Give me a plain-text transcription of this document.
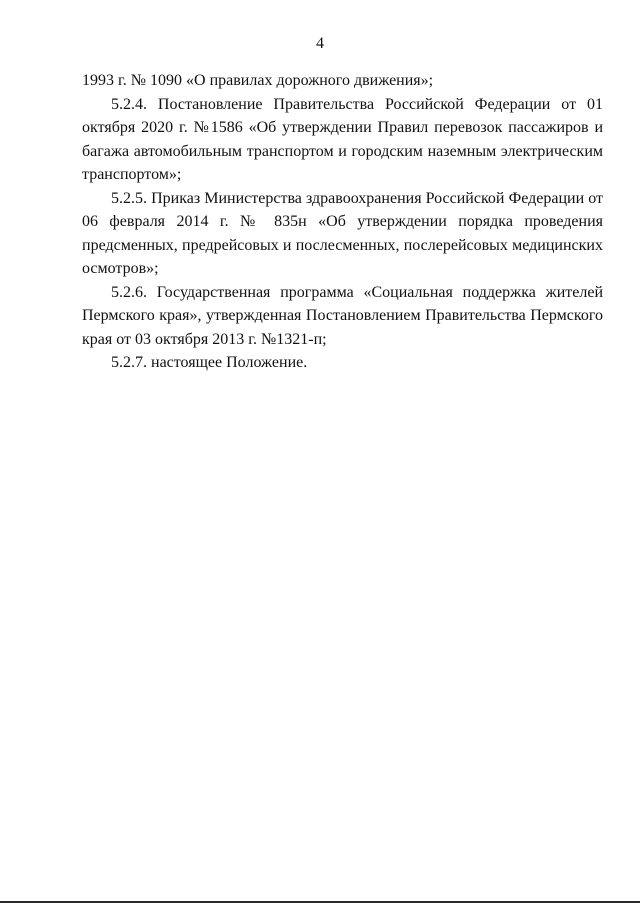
4

1993 г. № 1090 «О правилах дорожного движения»;

5.2.4. Постановление Правительства Российской Федерации от 01 октября 2020 г. №1586 «Об утверждении Правил перевозок пассажиров и багажа автомобильным транспортом и городским наземным электрическим транспортом»;

5.2.5. Приказ Министерства здравоохранения Российской Федерации от 06 февраля 2014 г. № 835н «Об утверждении порядка проведения предсменных, предрейсовых и послесменных, послерейсовых медицинских осмотров»;

5.2.6. Государственная программа «Социальная поддержка жителей Пермского края», утвержденная Постановлением Правительства Пермского края от 03 октября 2013 г. №1321-п;

5.2.7. настоящее Положение.
